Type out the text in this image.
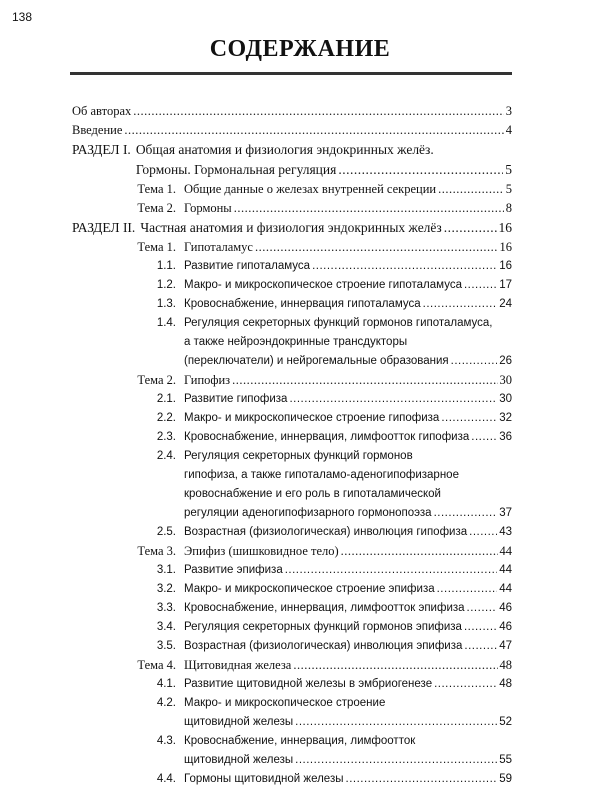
138
СОДЕРЖАНИЕ
Об авторах .....	3
Введение .....	4
РАЗДЕЛ I. Общая анатомия и физиология эндокринных желёз.
Гормоны. Гормональная регуляция .....	5
Тема 1. Общие данные о железах внутренней секреции .....	5
Тема 2. Гормоны .....	8
РАЗДЕЛ II. Частная анатомия и физиология эндокринных желёз .....	16
Тема 1. Гипоталамус .....	16
1.1. Развитие гипоталамуса .....	16
1.2. Макро- и микроскопическое строение гипоталамуса .....	17
1.3. Кровоснабжение, иннервация гипоталамуса .....	24
1.4. Регуляция секреторных функций гормонов гипоталамуса,
а также нейроэндокринные трансдукторы
(переключатели) и нейрогемальные образования .....	26
Тема 2. Гипофиз .....	30
2.1. Развитие гипофиза .....	30
2.2. Макро- и микроскопическое строение гипофиза .....	32
2.3. Кровоснабжение, иннервация, лимфоотток гипофиза .....	36
2.4. Регуляция секреторных функций гормонов
гипофиза, а также гипоталамо-аденогипофизарное
кровоснабжение и его роль в гипоталамической
регуляции аденогипофизарного гормонопоэза .....	37
2.5. Возрастная (физиологическая) инволюция гипофиза .....	43
Тема 3. Эпифиз (шишковидное тело) .....	44
3.1. Развитие эпифиза .....	44
3.2. Макро- и микроскопическое строение эпифиза .....	44
3.3. Кровоснабжение, иннервация, лимфоотток эпифиза .....	46
3.4. Регуляция секреторных функций гормонов эпифиза .....	46
3.5. Возрастная (физиологическая) инволюция эпифиза .....	47
Тема 4. Щитовидная железа .....	48
4.1. Развитие щитовидной железы в эмбриогенезе .....	48
4.2. Макро- и микроскопическое строение
щитовидной железы .....	52
4.3. Кровоснабжение, иннервация, лимфоотток
щитовидной железы .....	55
4.4. Гормоны щитовидной железы .....	59
